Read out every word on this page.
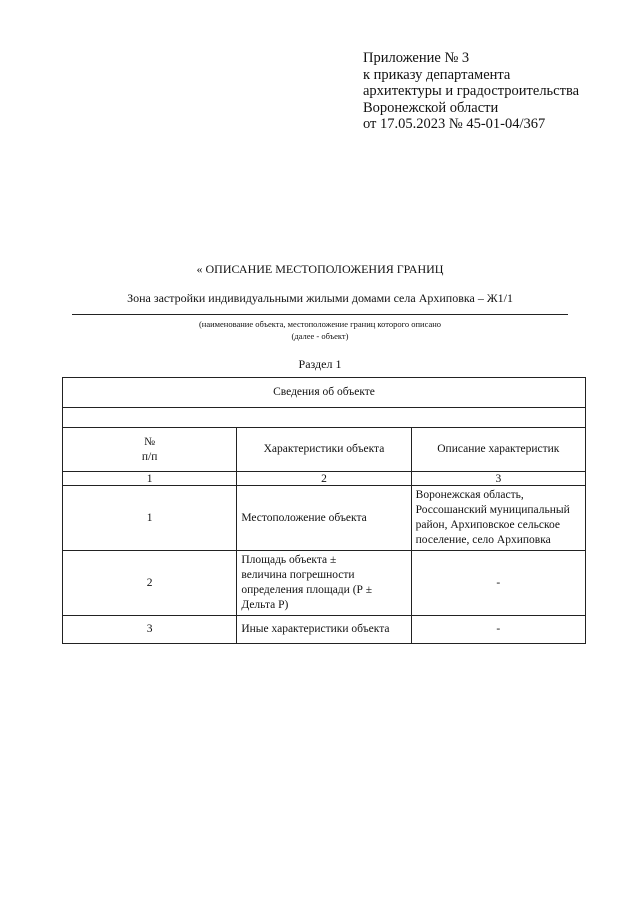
Приложение № 3
к приказу департамента
архитектуры и градостроительства
Воронежской области
от 17.05.2023 № 45-01-04/367
« ОПИСАНИЕ МЕСТОПОЛОЖЕНИЯ ГРАНИЦ
Зона застройки индивидуальными жилыми домами села Архиповка – Ж1/1
(наименование объекта, местоположение границ которого описано
(далее - объект)
Раздел 1
Сведения об объекте		

№
п/п	Характеристики объекта	Описание характеристик
1	2	3
1	Местоположение объекта	Воронежская область, Россошанский муниципальный район, Архиповское сельское поселение, село Архиповка
2	Площадь объекта ±
величина погрешности определения площади (Р ± Дельта Р)	-
3	Иные характеристики объекта	-
